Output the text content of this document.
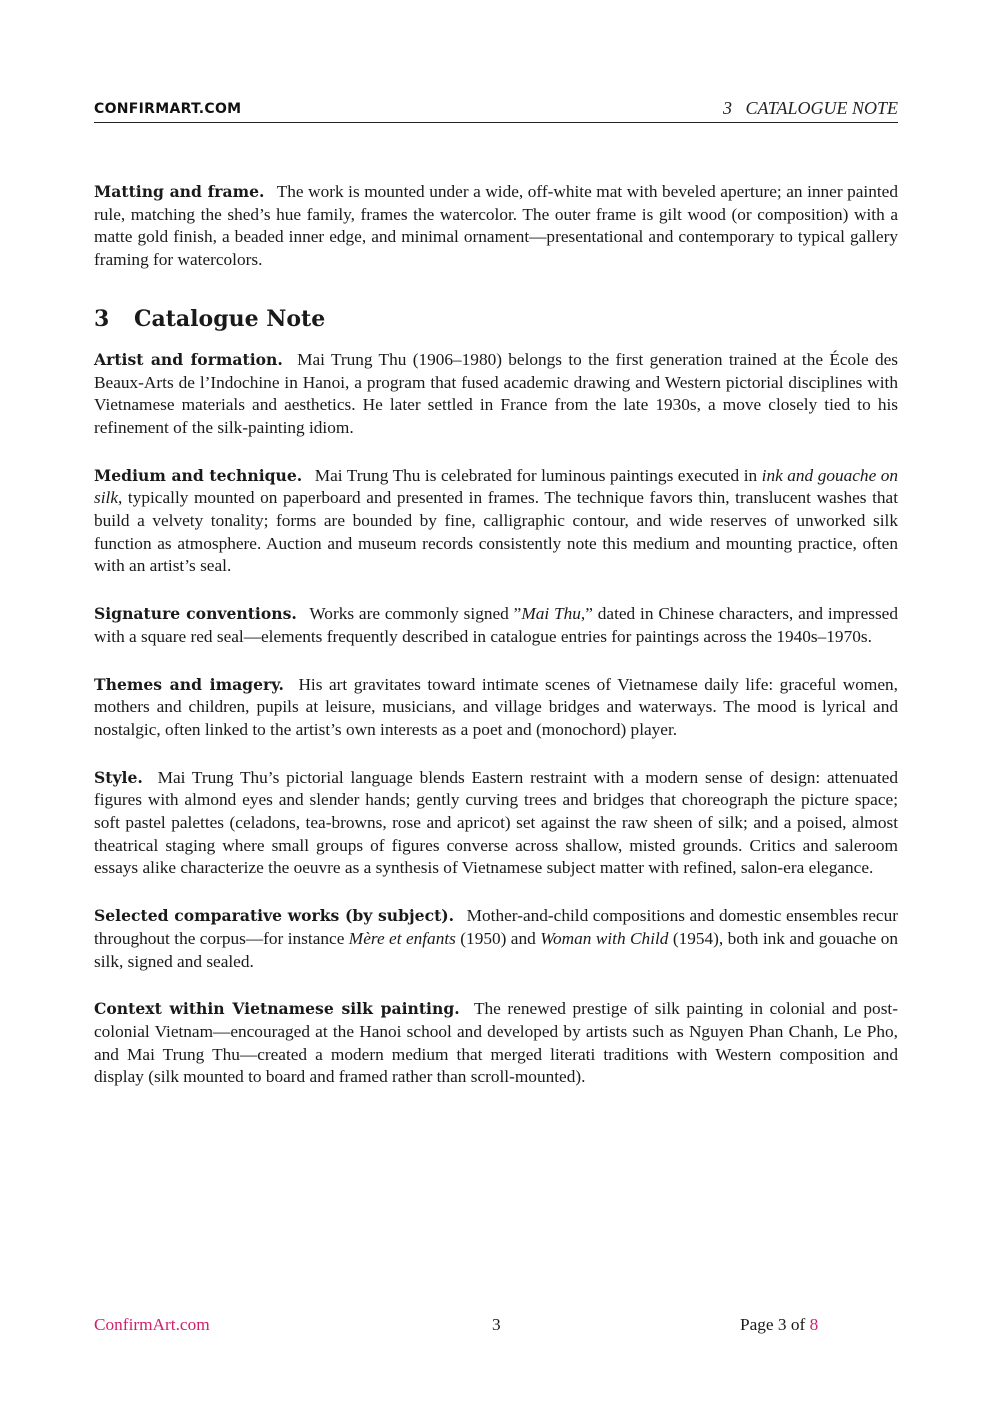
CONFIRMART.COM	3   CATALOGUE NOTE

Matting and frame. The work is mounted under a wide, off-white mat with beveled aperture; an inner painted rule, matching the shed’s hue family, frames the watercolor. The outer frame is gilt wood (or composition) with a matte gold finish, a beaded inner edge, and minimal ornament—presentational and contemporary to typical gallery framing for watercolors.

3 Catalogue Note

Artist and formation. Mai Trung Thu (1906–1980) belongs to the first generation trained at the École des Beaux-Arts de l’Indochine in Hanoi, a program that fused academic drawing and Western pictorial disciplines with Vietnamese materials and aesthetics. He later settled in France from the late 1930s, a move closely tied to his refinement of the silk-painting idiom.

Medium and technique. Mai Trung Thu is celebrated for luminous paintings executed in ink and gouache on silk, typically mounted on paperboard and presented in frames. The technique favors thin, translucent washes that build a velvety tonality; forms are bounded by fine, calligraphic contour, and wide reserves of unworked silk function as atmosphere. Auction and museum records consistently note this medium and mounting practice, often with an artist’s seal.

Signature conventions. Works are commonly signed ”Mai Thu,” dated in Chinese characters, and impressed with a square red seal—elements frequently described in catalogue entries for paintings across the 1940s–1970s.

Themes and imagery. His art gravitates toward intimate scenes of Vietnamese daily life: graceful women, mothers and children, pupils at leisure, musicians, and village bridges and waterways. The mood is lyrical and nostalgic, often linked to the artist’s own interests as a poet and (monochord) player.

Style. Mai Trung Thu’s pictorial language blends Eastern restraint with a modern sense of design: attenuated figures with almond eyes and slender hands; gently curving trees and bridges that choreograph the picture space; soft pastel palettes (celadons, tea-browns, rose and apricot) set against the raw sheen of silk; and a poised, almost theatrical staging where small groups of figures converse across shallow, misted grounds. Critics and saleroom essays alike characterize the oeuvre as a synthesis of Vietnamese subject matter with refined, salon-era elegance.

Selected comparative works (by subject). Mother-and-child compositions and domestic ensembles recur throughout the corpus—for instance Mère et enfants (1950) and Woman with Child (1954), both ink and gouache on silk, signed and sealed.

Context within Vietnamese silk painting. The renewed prestige of silk painting in colonial and post-colonial Vietnam—encouraged at the Hanoi school and developed by artists such as Nguyen Phan Chanh, Le Pho, and Mai Trung Thu—created a modern medium that merged literati traditions with Western composition and display (silk mounted to board and framed rather than scroll-mounted).

ConfirmArt.com	3	Page 3 of 8
